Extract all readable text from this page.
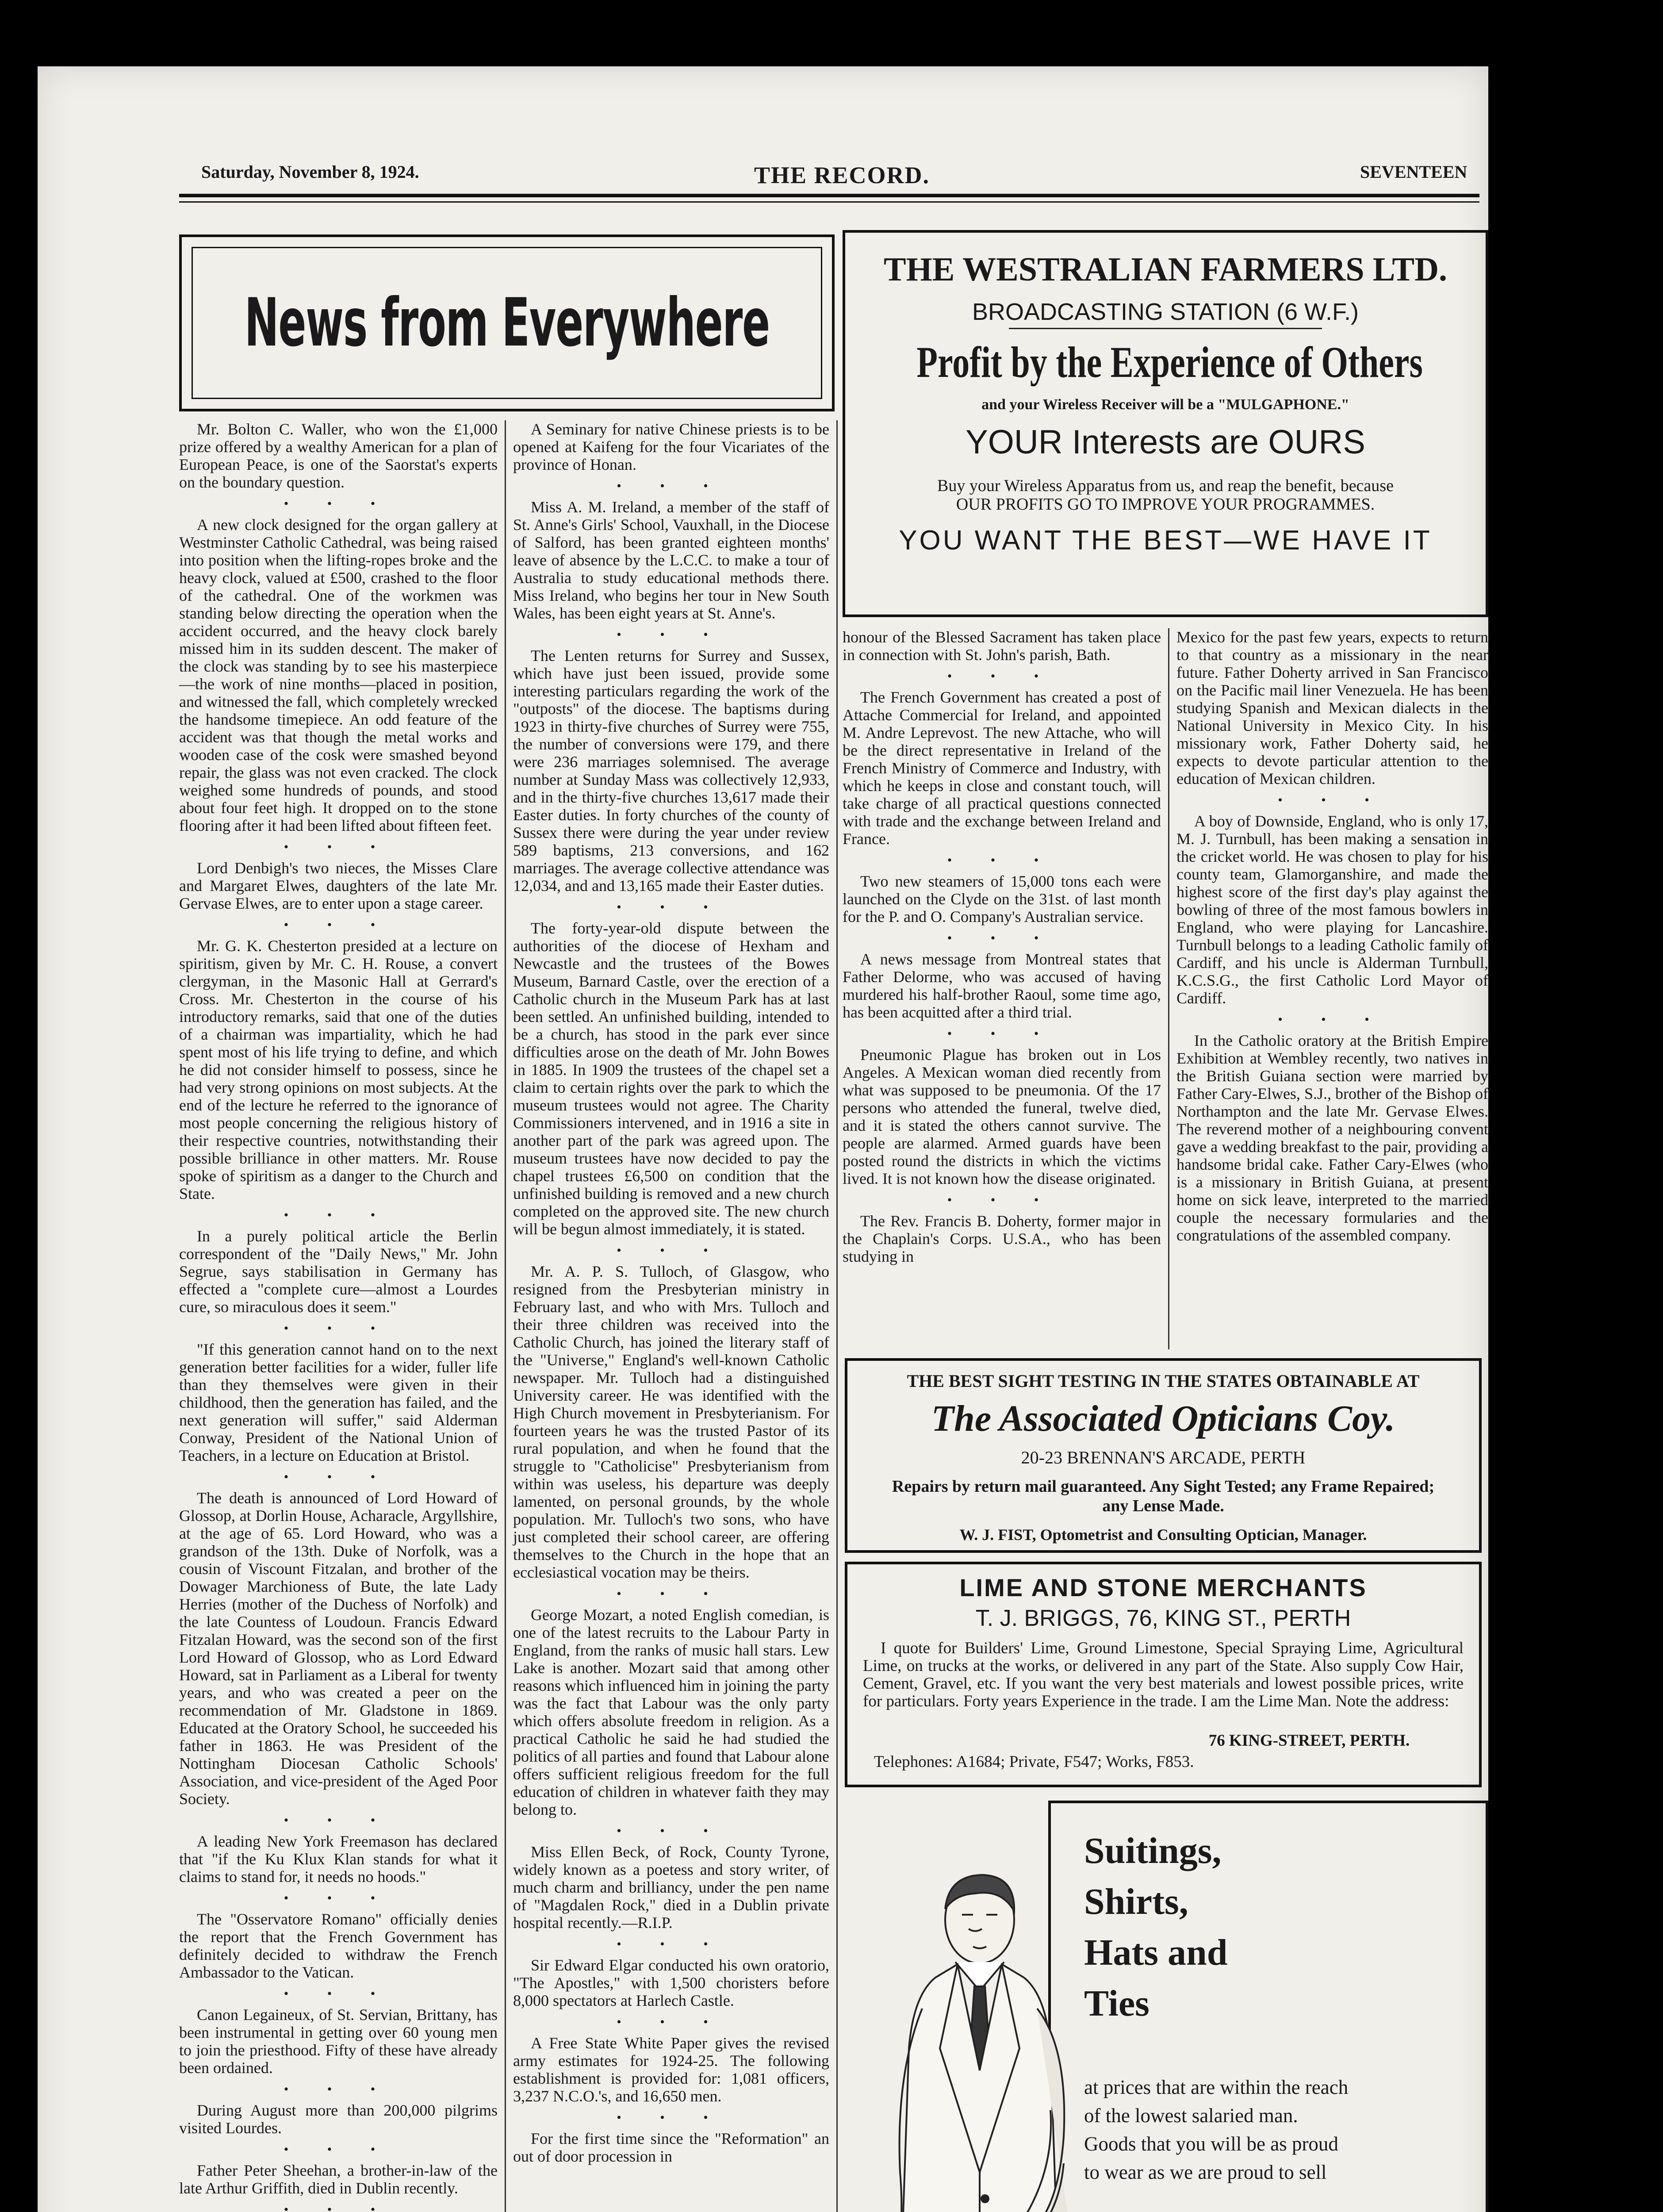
Saturday, November 8, 1924.	THE RECORD.	SEVENTEEN
News from Everywhere

Mr. Bolton C. Waller, who won the £1,000 prize offered by a wealthy American for a plan of European Peace, is one of the Saorstat's experts on the boundary question.

• • •

A new clock designed for the organ gallery at Westminster Catholic Cathedral, was being raised into position when the lifting-ropes broke and the heavy clock, valued at £500, crashed to the floor of the cathedral. One of the workmen was standing below directing the operation when the accident occurred, and the heavy clock barely missed him in its sudden descent. The maker of the clock was standing by to see his masterpiece—the work of nine months—placed in position, and witnessed the fall, which completely wrecked the handsome timepiece. An odd feature of the accident was that though the metal works and wooden case of the cosk were smashed beyond repair, the glass was not even cracked. The clock weighed some hundreds of pounds, and stood about four feet high. It dropped on to the stone flooring after it had been lifted about fifteen feet.

• • •

Lord Denbigh's two nieces, the Misses Clare and Margaret Elwes, daughters of the late Mr. Gervase Elwes, are to enter upon a stage career.

• • •

Mr. G. K. Chesterton presided at a lecture on spiritism, given by Mr. C. H. Rouse, a convert clergyman, in the Masonic Hall at Gerrard's Cross. Mr. Chesterton in the course of his introductory remarks, said that one of the duties of a chairman was impartiality, which he had spent most of his life trying to define, and which he did not consider himself to possess, since he had very strong opinions on most subjects. At the end of the lecture he referred to the ignorance of most people concerning the religious history of their respective countries, notwithstanding their possible brilliance in other matters. Mr. Rouse spoke of spiritism as a danger to the Church and State.

• • •

In a purely political article the Berlin correspondent of the "Daily News," Mr. John Segrue, says stabilisation in Germany has effected a "complete cure—almost a Lourdes cure, so miraculous does it seem."

• • •

"If this generation cannot hand on to the next generation better facilities for a wider, fuller life than they themselves were given in their childhood, then the generation has failed, and the next generation will suffer," said Alderman Conway, President of the National Union of Teachers, in a lecture on Education at Bristol.

• • •

The death is announced of Lord Howard of Glossop, at Dorlin House, Acharacle, Argyllshire, at the age of 65. Lord Howard, who was a grandson of the 13th. Duke of Norfolk, was a cousin of Viscount Fitzalan, and brother of the Dowager Marchioness of Bute, the late Lady Herries (mother of the Duchess of Norfolk) and the late Countess of Loudoun. Francis Edward Fitzalan Howard, was the second son of the first Lord Howard of Glossop, who as Lord Edward Howard, sat in Parliament as a Liberal for twenty years, and who was created a peer on the recommendation of Mr. Gladstone in 1869. Educated at the Oratory School, he succeeded his father in 1863. He was President of the Nottingham Diocesan Catholic Schools' Association, and vice-president of the Aged Poor Society.

• • •

A leading New York Freemason has declared that "if the Ku Klux Klan stands for what it claims to stand for, it needs no hoods."

• • •

The "Osservatore Romano" officially denies the report that the French Government has definitely decided to withdraw the French Ambassador to the Vatican.

• • •

Canon Legaineux, of St. Servian, Brittany, has been instrumental in getting over 60 young men to join the priesthood. Fifty of these have already been ordained.

• • •

During August more than 200,000 pilgrims visited Lourdes.

• • •

Father Peter Sheehan, a brother-in-law of the late Arthur Griffith, died in Dublin recently.

• • •

A Seminary for native Chinese priests is to be opened at Kaifeng for the four Vicariates of the province of Honan.

• • •

Miss A. M. Ireland, a member of the staff of St. Anne's Girls' School, Vauxhall, in the Diocese of Salford, has been granted eighteen months' leave of absence by the L.C.C. to make a tour of Australia to study educational methods there. Miss Ireland, who begins her tour in New South Wales, has been eight years at St. Anne's.

• • •

The Lenten returns for Surrey and Sussex, which have just been issued, provide some interesting particulars regarding the work of the "outposts" of the diocese. The baptisms during 1923 in thirty-five churches of Surrey were 755, the number of conversions were 179, and there were 236 marriages solemnised. The average number at Sunday Mass was collectively 12,933, and in the thirty-five churches 13,617 made their Easter duties. In forty churches of the county of Sussex there were during the year under review 589 baptisms, 213 conversions, and 162 marriages. The average collective attendance was 12,034, and and 13,165 made their Easter duties.

• • •

The forty-year-old dispute between the authorities of the diocese of Hexham and Newcastle and the trustees of the Bowes Museum, Barnard Castle, over the erection of a Catholic church in the Museum Park has at last been settled. An unfinished building, intended to be a church, has stood in the park ever since difficulties arose on the death of Mr. John Bowes in 1885. In 1909 the trustees of the chapel set a claim to certain rights over the park to which the museum trustees would not agree. The Charity Commissioners intervened, and in 1916 a site in another part of the park was agreed upon. The museum trustees have now decided to pay the chapel trustees £6,500 on condition that the unfinished building is removed and a new church completed on the approved site. The new church will be begun almost immediately, it is stated.

• • •

Mr. A. P. S. Tulloch, of Glasgow, who resigned from the Presbyterian ministry in February last, and who with Mrs. Tulloch and their three children was received into the Catholic Church, has joined the literary staff of the "Universe," England's well-known Catholic newspaper. Mr. Tulloch had a distinguished University career. He was identified with the High Church movement in Presbyterianism. For fourteen years he was the trusted Pastor of its rural population, and when he found that the struggle to "Catholicise" Presbyterianism from within was useless, his departure was deeply lamented, on personal grounds, by the whole population. Mr. Tulloch's two sons, who have just completed their school career, are offering themselves to the Church in the hope that an ecclesiastical vocation may be theirs.

• • •

George Mozart, a noted English comedian, is one of the latest recruits to the Labour Party in England, from the ranks of music hall stars. Lew Lake is another. Mozart said that among other reasons which influenced him in joining the party was the fact that Labour was the only party which offers absolute freedom in religion. As a practical Catholic he said he had studied the politics of all parties and found that Labour alone offers sufficient religious freedom for the full education of children in whatever faith they may belong to.

• • •

Miss Ellen Beck, of Rock, County Tyrone, widely known as a poetess and story writer, of much charm and brilliancy, under the pen name of "Magdalen Rock," died in a Dublin private hospital recently.—R.I.P.

• • •

Sir Edward Elgar conducted his own oratorio, "The Apostles," with 1,500 choristers before 8,000 spectators at Harlech Castle.

• • •

A Free State White Paper gives the revised army estimates for 1924-25. The following establishment is provided for: 1,081 officers, 3,237 N.C.O.'s, and 16,650 men.

• • •

For the first time since the "Reformation" an out of door procession in

THE WESTRALIAN FARMERS LTD.
BROADCASTING STATION (6 W.F.)
Profit by the Experience of Others
and your Wireless Receiver will be a "MULGAPHONE."
YOUR Interests are OURS
Buy your Wireless Apparatus from us, and reap the benefit, because
OUR PROFITS GO TO IMPROVE YOUR PROGRAMMES.
YOU WANT THE BEST—WE HAVE IT

honour of the Blessed Sacrament has taken place in connection with St. John's parish, Bath.

• • •

The French Government has created a post of Attache Commercial for Ireland, and appointed M. Andre Leprevost. The new Attache, who will be the direct representative in Ireland of the French Ministry of Commerce and Industry, with which he keeps in close and constant touch, will take charge of all practical questions connected with trade and the exchange between Ireland and France.

• • •

Two new steamers of 15,000 tons each were launched on the Clyde on the 31st. of last month for the P. and O. Company's Australian service.

• • •

A news message from Montreal states that Father Delorme, who was accused of having murdered his half-brother Raoul, some time ago, has been acquitted after a third trial.

• • •

Pneumonic Plague has broken out in Los Angeles. A Mexican woman died recently from what was supposed to be pneumonia. Of the 17 persons who attended the funeral, twelve died, and it is stated the others cannot survive. The people are alarmed. Armed guards have been posted round the districts in which the victims lived. It is not known how the disease originated.

• • •

The Rev. Francis B. Doherty, former major in the Chaplain's Corps. U.S.A., who has been studying in

Mexico for the past few years, expects to return to that country as a missionary in the near future. Father Doherty arrived in San Francisco on the Pacific mail liner Venezuela. He has been studying Spanish and Mexican dialects in the National University in Mexico City. In his missionary work, Father Doherty said, he expects to devote particular attention to the education of Mexican children.

• • •

A boy of Downside, England, who is only 17, M. J. Turnbull, has been making a sensation in the cricket world. He was chosen to play for his county team, Glamorganshire, and made the highest score of the first day's play against the bowling of three of the most famous bowlers in England, who were playing for Lancashire. Turnbull belongs to a leading Catholic family of Cardiff, and his uncle is Alderman Turnbull, K.C.S.G., the first Catholic Lord Mayor of Cardiff.

• • •

In the Catholic oratory at the British Empire Exhibition at Wembley recently, two natives in the British Guiana section were married by Father Cary-Elwes, S.J., brother of the Bishop of Northampton and the late Mr. Gervase Elwes. The reverend mother of a neighbouring convent gave a wedding breakfast to the pair, providing a handsome bridal cake. Father Cary-Elwes (who is a missionary in British Guiana, at present home on sick leave, interpreted to the married couple the necessary formularies and the congratulations of the assembled company.

THE BEST SIGHT TESTING IN THE STATES OBTAINABLE AT
The Associated Opticians Coy.
20-23 BRENNAN'S ARCADE, PERTH
Repairs by return mail guaranteed. Any Sight Tested; any Frame Repaired;
any Lense Made.
W. J. FIST, Optometrist and Consulting Optician, Manager.
LIME AND STONE MERCHANTS
T. J. BRIGGS, 76, KING ST., PERTH
I quote for Builders' Lime, Ground Limestone, Special Spraying Lime, Agricultural Lime, on trucks at the works, or delivered in any part of the State. Also supply Cow Hair, Cement, Gravel, etc. If you want the very best materials and lowest possible prices, write for particulars. Forty years Experience in the trade. I am the Lime Man. Note the address:
76 KING-STREET, PERTH.
Telephones: A1684; Private, F547; Works, F853.
Suitings,
Shirts,
Hats and
Ties
at prices that are within the reach of the lowest salaried man. Goods that you will be as proud to wear as we are proud to sell
